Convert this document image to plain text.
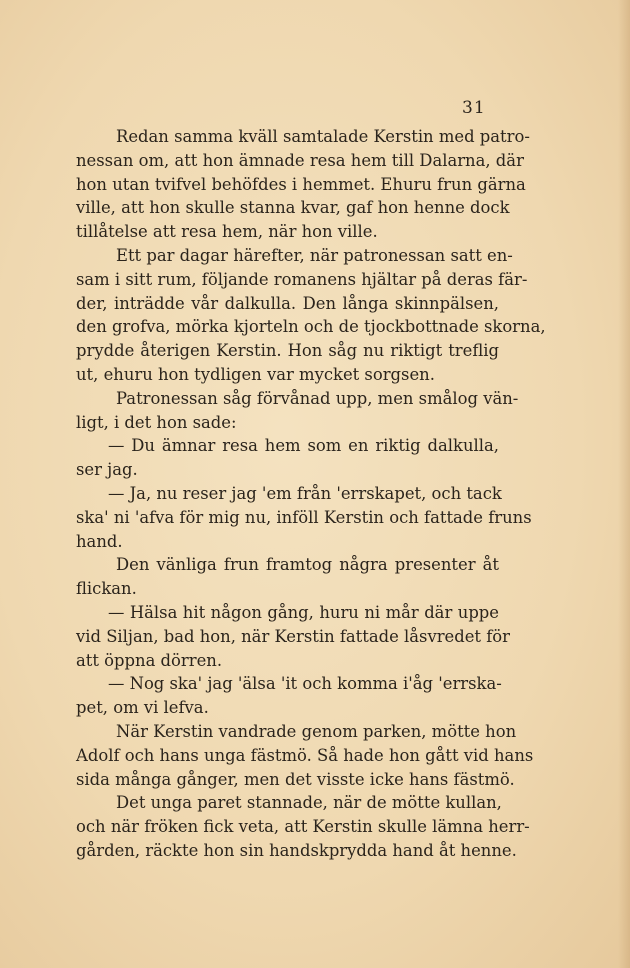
31

Redan samma kväll samtalade Kerstin med patro-
nessan om, att hon ämnade resa hem till Dalarna, där
hon utan tvifvel behöfdes i hemmet. Ehuru frun gärna
ville, att hon skulle stanna kvar, gaf hon henne dock
tillåtelse att resa hem, när hon ville.

Ett par dagar härefter, när patronessan satt en-
sam i sitt rum, följande romanens hjältar på deras fär-
der, inträdde vår dalkulla. Den långa skinnpälsen,
den grofva, mörka kjorteln och de tjockbottnade skorna,
prydde återigen Kerstin. Hon såg nu riktigt treflig
ut, ehuru hon tydligen var mycket sorgsen.

Patronessan såg förvånad upp, men smålog vän-
ligt, i det hon sade:

— Du ämnar resa hem som en riktig dalkulla,
ser jag.

— Ja, nu reser jag 'em från 'errskapet, och tack
ska' ni 'afva för mig nu, inföll Kerstin och fattade fruns
hand.

Den vänliga frun framtog några presenter åt
flickan.

— Hälsa hit någon gång, huru ni mår där uppe
vid Siljan, bad hon, när Kerstin fattade låsvredet för
att öppna dörren.

— Nog ska' jag 'älsa 'it och komma i'åg 'errska-
pet, om vi lefva.

När Kerstin vandrade genom parken, mötte hon
Adolf och hans unga fästmö. Så hade hon gått vid hans
sida många gånger, men det visste icke hans fästmö.

Det unga paret stannade, när de mötte kullan,
och när fröken fick veta, att Kerstin skulle lämna herr-
gården, räckte hon sin handskprydda hand åt henne.
